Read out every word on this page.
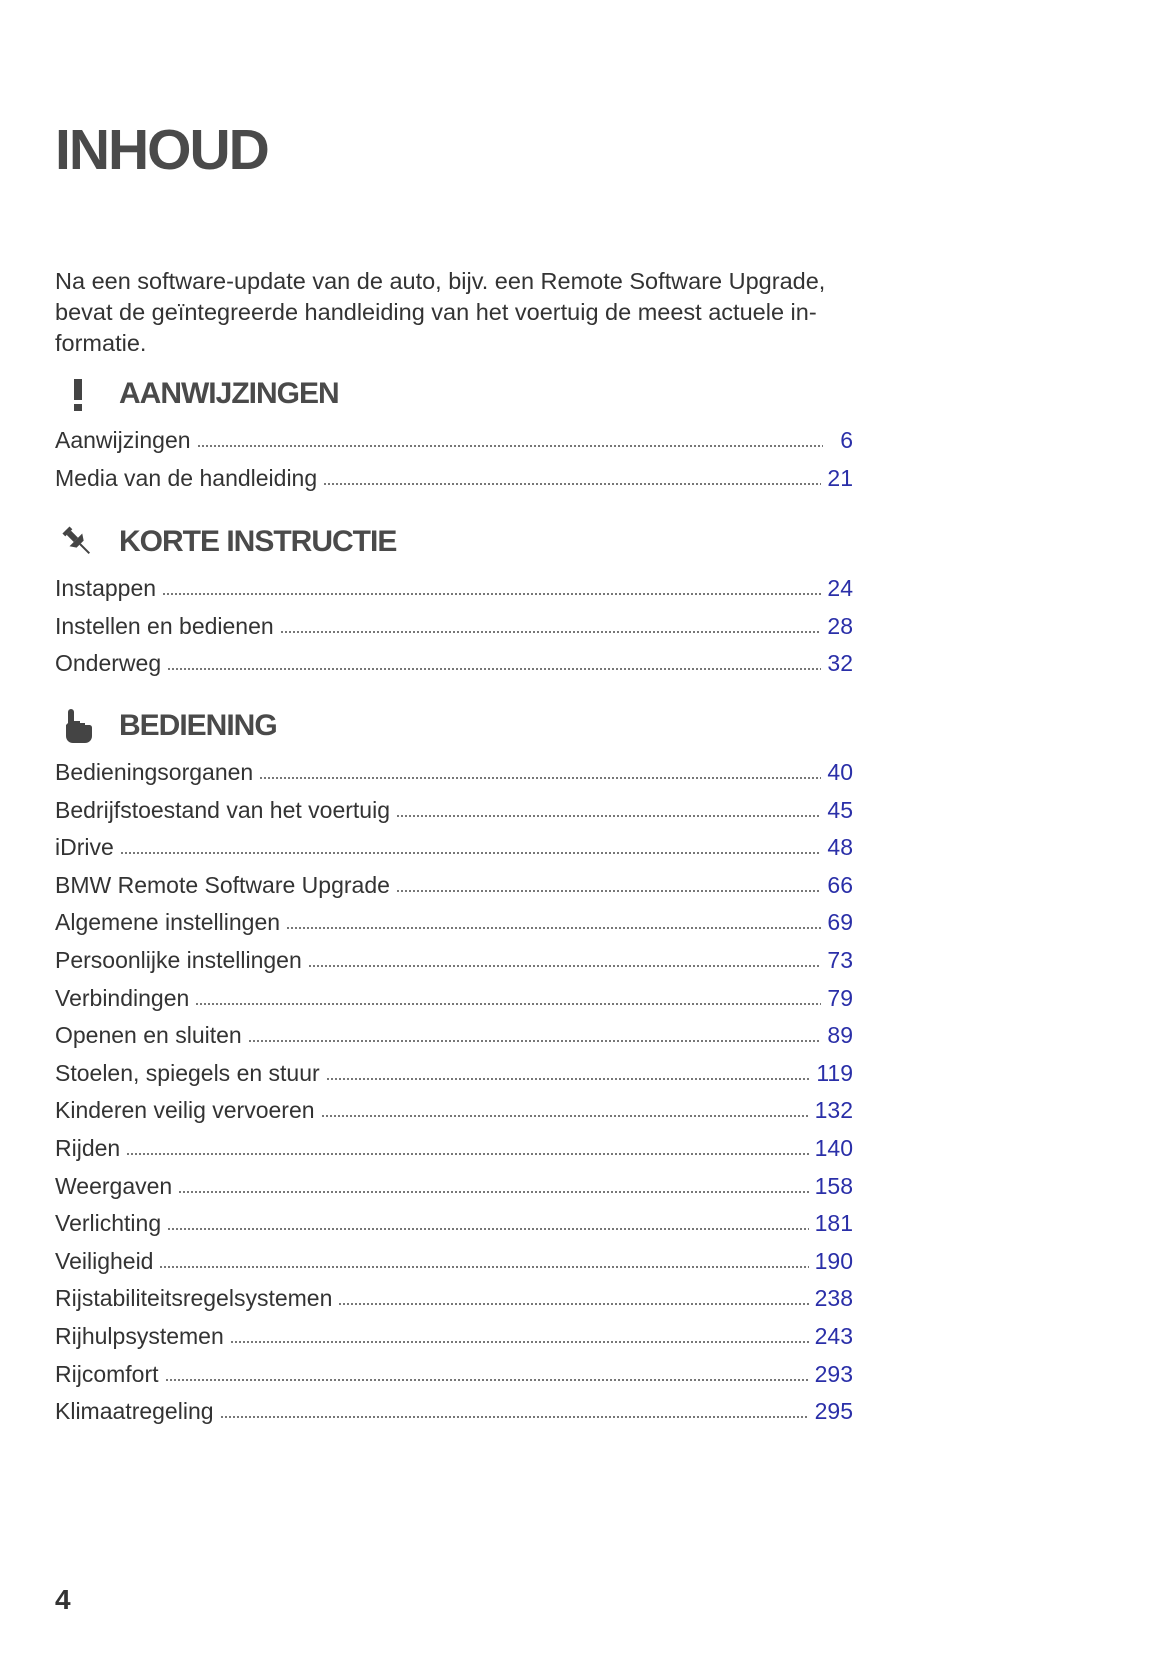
INHOUD

Na een software-update van de auto, bijv. een Remote Software Upgrade, bevat de geïntegreerde handleiding van het voertuig de meest actuele in-formatie.

AANWIJZINGEN
Aanwijzingen	6
Media van de handleiding	21
KORTE INSTRUCTIE
Instappen	24
Instellen en bedienen	28
Onderweg	32
BEDIENING
Bedieningsorganen	40
Bedrijfstoestand van het voertuig	45
iDrive	48
BMW Remote Software Upgrade	66
Algemene instellingen	69
Persoonlijke instellingen	73
Verbindingen	79
Openen en sluiten	89
Stoelen, spiegels en stuur	119
Kinderen veilig vervoeren	132
Rijden	140
Weergaven	158
Verlichting	181
Veiligheid	190
Rijstabiliteitsregelsystemen	238
Rijhulpsystemen	243
Rijcomfort	293
Klimaatregeling	295
4
